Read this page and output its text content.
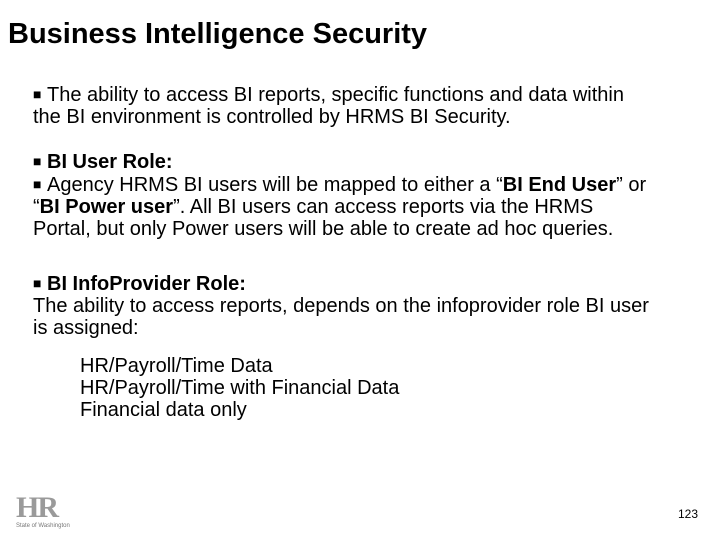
Business Intelligence Security
■ The ability to access BI reports, specific functions and data within
the BI environment is controlled by HRMS BI Security.
■ BI User Role:
■ Agency HRMS BI users will be mapped to either a “BI End User” or
“BI Power user”. All BI users can access reports via the HRMS
Portal, but only Power users will be able to create ad hoc queries.
■ BI InfoProvider Role:
The ability to access reports, depends on the infoprovider role BI user
is assigned:
HR/Payroll/Time Data
HR/Payroll/Time with Financial Data
Financial data only
HR
State of Washington
123
